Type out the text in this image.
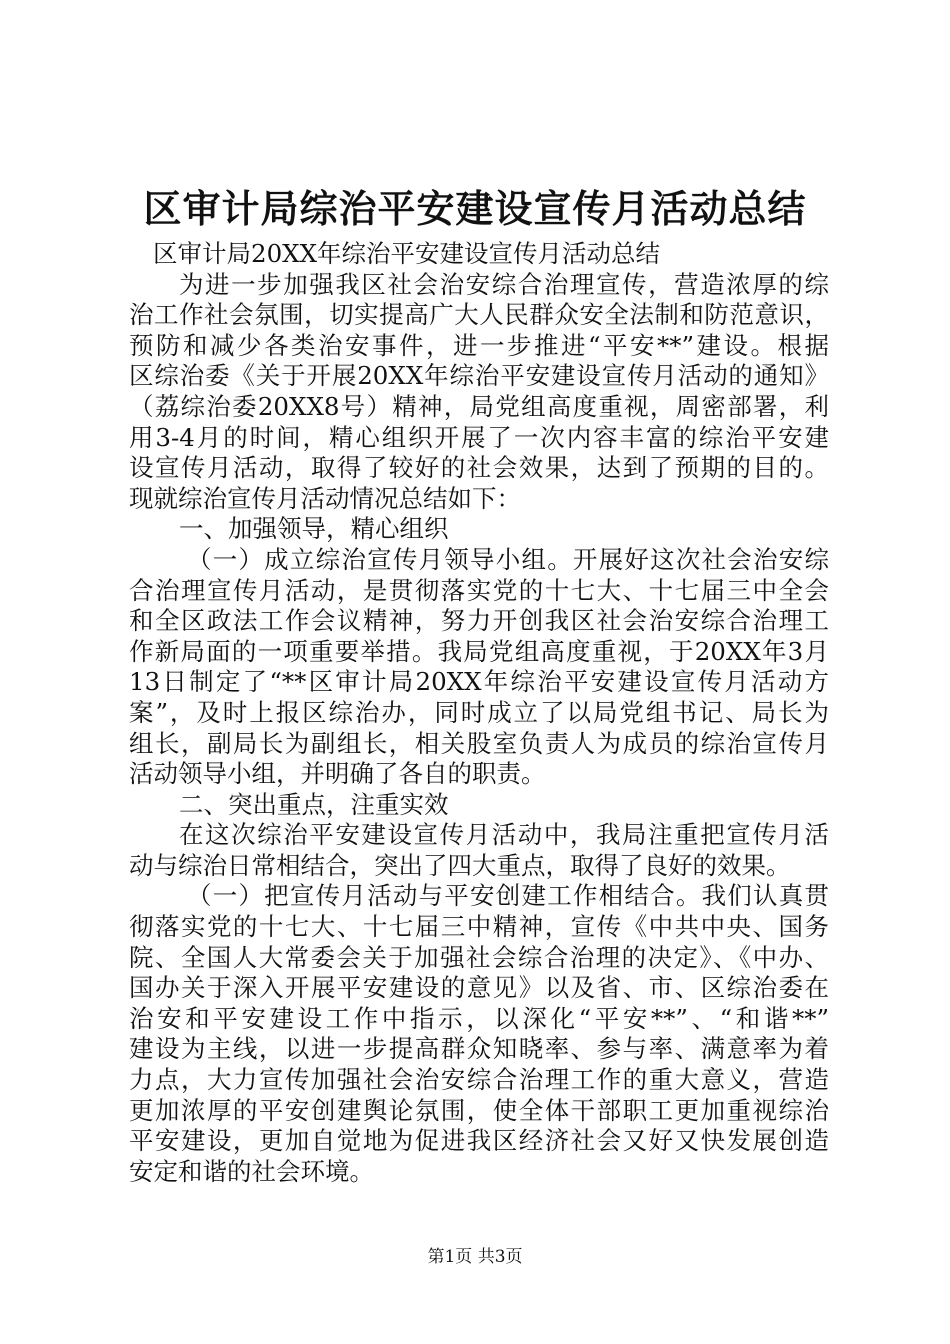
区审计局综治平安建设宣传月活动总结
区审计局20XX年综治平安建设宣传月活动总结
为进一步加强我区社会治安综合治理宣传，营造浓厚的综
治工作社会氛围，切实提高广大人民群众安全法制和防范意识，
预防和减少各类治安事件，进一步推进“平安**”建设。根据
区综治委《关于开展20XX年综治平安建设宣传月活动的通知》
（荔综治委20XX8号）精神，局党组高度重视，周密部署，利
用3-4月的时间，精心组织开展了一次内容丰富的综治平安建
设宣传月活动，取得了较好的社会效果，达到了预期的目的。
现就综治宣传月活动情况总结如下：
一、加强领导，精心组织
（一）成立综治宣传月领导小组。开展好这次社会治安综
合治理宣传月活动，是贯彻落实党的十七大、十七届三中全会
和全区政法工作会议精神，努力开创我区社会治安综合治理工
作新局面的一项重要举措。我局党组高度重视，于20XX年3月
13日制定了“**区审计局20XX年综治平安建设宣传月活动方
案”，及时上报区综治办，同时成立了以局党组书记、局长为
组长，副局长为副组长，相关股室负责人为成员的综治宣传月
活动领导小组，并明确了各自的职责。
二、突出重点，注重实效
在这次综治平安建设宣传月活动中，我局注重把宣传月活
动与综治日常相结合，突出了四大重点，取得了良好的效果。
（一）把宣传月活动与平安创建工作相结合。我们认真贯
彻落实党的十七大、十七届三中精神，宣传《中共中央、国务
院、全国人大常委会关于加强社会综合治理的决定》、《中办、
国办关于深入开展平安建设的意见》以及省、市、区综治委在
治安和平安建设工作中指示，以深化“平安**”、“和谐**”
建设为主线，以进一步提高群众知晓率、参与率、满意率为着
力点，大力宣传加强社会治安综合治理工作的重大意义，营造
更加浓厚的平安创建舆论氛围，使全体干部职工更加重视综治
平安建设，更加自觉地为促进我区经济社会又好又快发展创造
安定和谐的社会环境。
第1页 共3页
